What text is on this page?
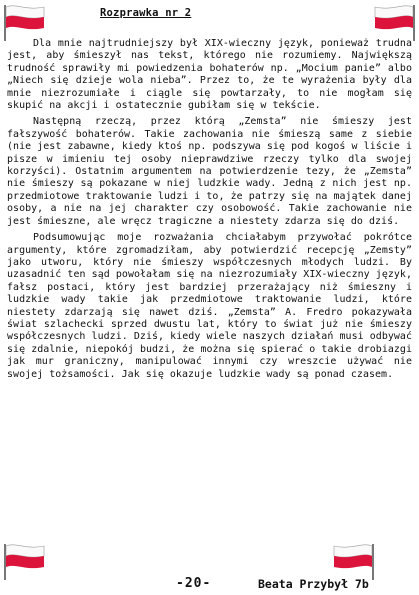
Rozprawka nr 2

Dla mnie najtrudniejszy był XIX-wieczny język, ponieważ trudna jest, aby śmieszył nas tekst, którego nie rozumiemy. Największą trudność sprawiły mi powiedzenia bohaterów np. „Mocium panie” albo „Niech się dzieje wola nieba”. Przez to, że te wyrażenia były dla mnie niezrozumiałe i ciągle się powtarzały, to nie mogłam się skupić na akcji i ostatecznie gubiłam się w tekście.

Następną rzeczą, przez którą „Zemsta” nie śmieszy jest fałszywość bohaterów. Takie zachowania nie śmieszą same z siebie (nie jest zabawne, kiedy ktoś np. podszywa się pod kogoś w liście i pisze w imieniu tej osoby nieprawdziwe rzeczy tylko dla swojej korzyści). Ostatnim argumentem na potwierdzenie tezy, że „Zemsta” nie śmieszy są pokazane w niej ludzkie wady. Jedną z nich jest np. przedmiotowe traktowanie ludzi i to, że patrzy się na majątek danej osoby, a nie na jej charakter czy osobowość. Takie zachowanie nie jest śmieszne, ale wręcz tragiczne a niestety zdarza się do dziś.

Podsumowując moje rozważania chciałabym przywołać pokrótce argumenty, które zgromadziłam, aby potwierdzić recepcję „Zemsty” jako utworu, który nie śmieszy współczesnych młodych ludzi. By uzasadnić ten sąd powołałam się na niezrozumiały XIX-wieczny język, fałsz postaci, który jest bardziej przerażający niż śmieszny i ludzkie wady takie jak przedmiotowe traktowanie ludzi, które niestety zdarzają się nawet dziś. „Zemsta” A. Fredro pokazywała świat szlachecki sprzed dwustu lat, który to świat już nie śmieszy współczesnych ludzi. Dziś, kiedy wiele naszych działań musi odbywać się zdalnie, niepokój budzi, że można się spierać o takie drobiazgi jak mur graniczny, manipulować innymi czy wreszcie używać nie swojej tożsamości. Jak się okazuje ludzkie wady są ponad czasem.

-20-	Beata Przybył 7b
